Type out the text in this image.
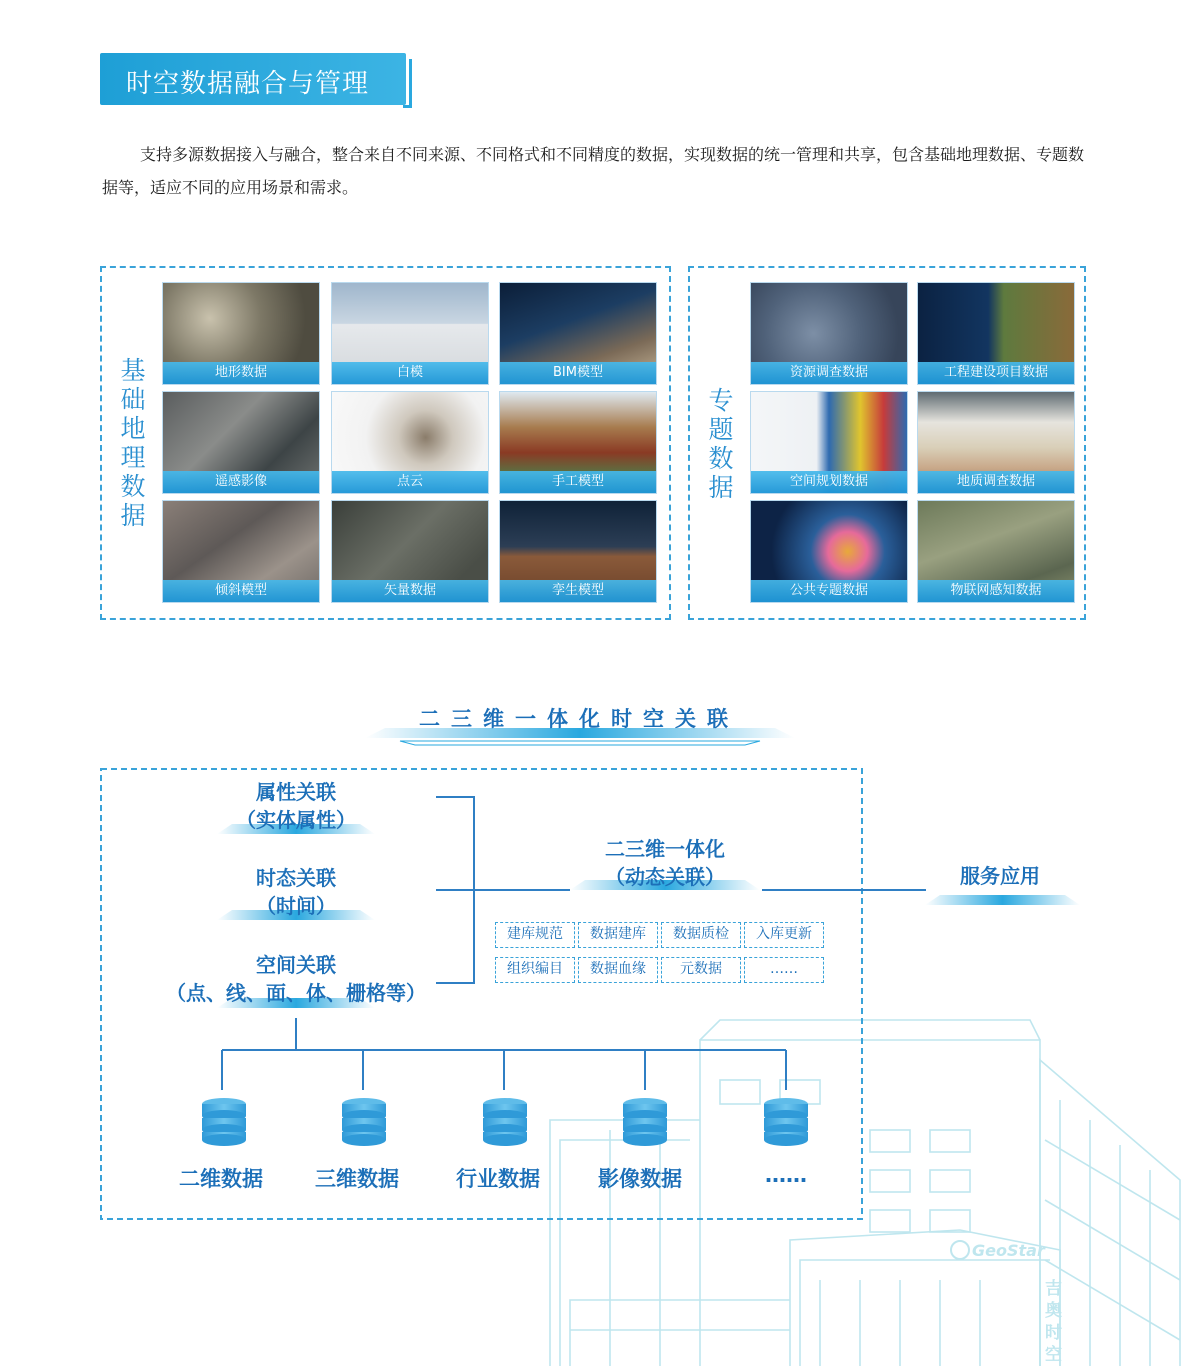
GeoStar
吉奥时空
时空数据融合与管理

支持多源数据接入与融合，整合来自不同来源、不同格式和不同精度的数据，实现数据的统一管理和共享，包含基础地理数据、专题数据等，适应不同的应用场景和需求。

基础地理数据
地形数据	白模	BIM模型
遥感影像	点云	手工模型
倾斜模型	矢量数据	孪生模型
专题数据
资源调查数据	工程建设项目数据
空间规划数据	地质调查数据
公共专题数据	物联网感知数据
二三维一体化时空关联
属性关联
（实体属性）
时态关联
（时间）
空间关联
（点、线、面、体、栅格等）
二三维一体化
（动态关联）	服务应用
建库规范	数据建库	数据质检	入库更新
组织编目	数据血缘	元数据	……
二维数据	三维数据	行业数据	影像数据	……
